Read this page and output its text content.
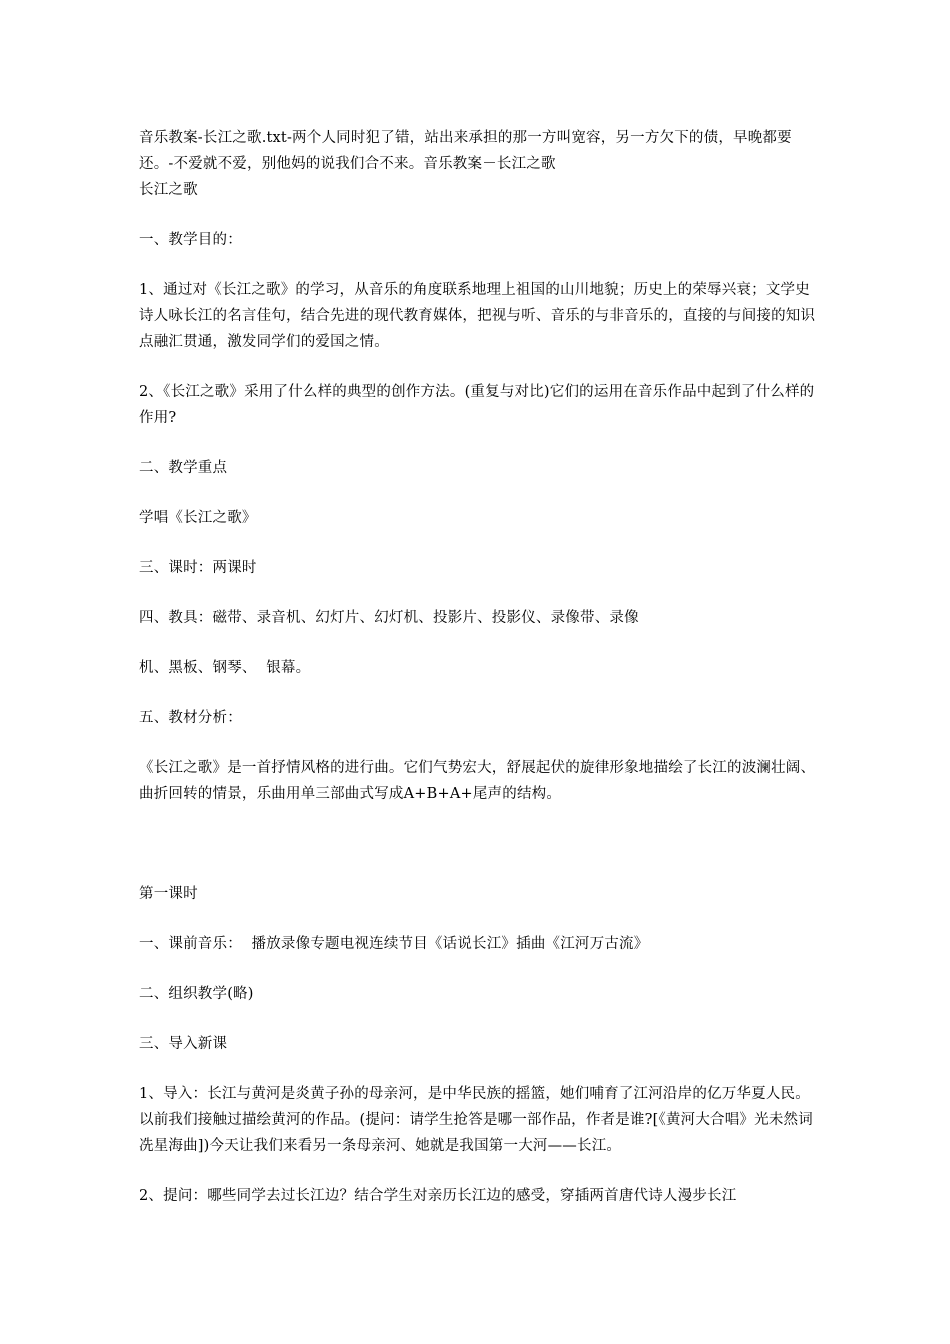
音乐教案-长江之歌.txt-两个人同时犯了错，站出来承担的那一方叫宽容，另一方欠下的债，早晚都要还。-不爱就不爱，别他妈的说我们合不来。音乐教案－长江之歌

长江之歌

一、教学目的：

1、通过对《长江之歌》的学习，从音乐的角度联系地理上祖国的山川地貌；历史上的荣辱兴衰；文学史诗人咏长江的名言佳句，结合先进的现代教育媒体，把视与听、音乐的与非音乐的，直接的与间接的知识点融汇贯通，激发同学们的爱国之情。

2、《长江之歌》采用了什么样的典型的创作方法。(重复与对比)它们的运用在音乐作品中起到了什么样的作用?

二、教学重点

学唱《长江之歌》

三、课时：两课时

四、教具：磁带、录音机、幻灯片、幻灯机、投影片、投影仪、录像带、录像

机、黑板、钢琴、  银幕。

五、教材分析：

《长江之歌》是一首抒情风格的进行曲。它们气势宏大，舒展起伏的旋律形象地描绘了长江的波澜壮阔、曲折回转的情景，乐曲用单三部曲式写成A+B+A+尾声的结构。

第一课时

一、课前音乐：  播放录像专题电视连续节目《话说长江》插曲《江河万古流》

二、组织教学(略)

三、导入新课

1、导入：长江与黄河是炎黄子孙的母亲河，是中华民族的摇篮，她们哺育了江河沿岸的亿万华夏人民。以前我们接触过描绘黄河的作品。(提问：请学生抢答是哪一部作品，作者是谁?[《黄河大合唱》光未然词冼星海曲])今天让我们来看另一条母亲河、她就是我国第一大河——长江。

2、提问：哪些同学去过长江边？结合学生对亲历长江边的感受，穿插两首唐代诗人漫步长江
